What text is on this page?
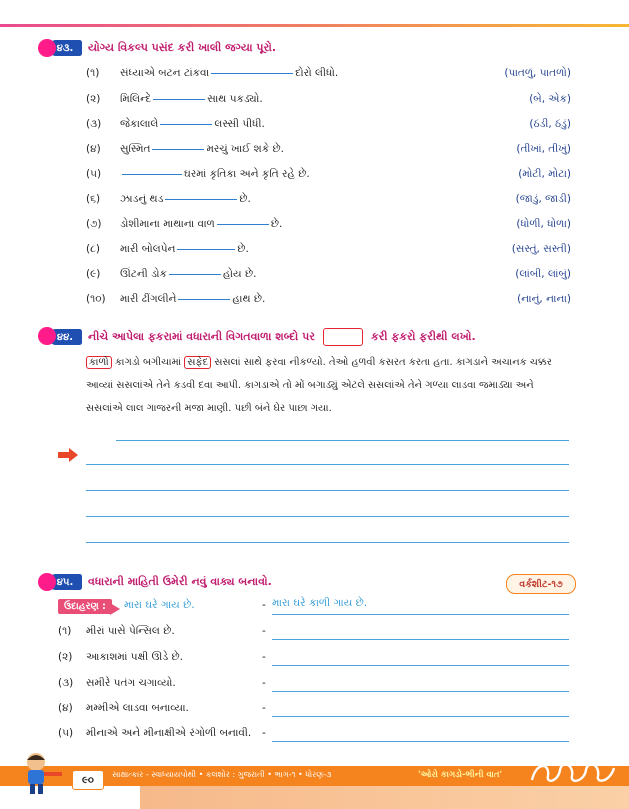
૪૩.	યોગ્ય વિકલ્પ પસંદ કરી ખાલી જગ્યા પૂરો.
(૧) સંધ્યાએ બટન ટાંકવા	દોરો લીધો.	(પાતળું, પાતળો)
(૨) મિલિન્દે	સાથ પકડ્યો.	(બે, એક)
(૩) જેકાલાલે	લસ્સી પીધી.	(ઠંડી, ઠંડું)
(૪) સુસ્મિત	મરચું ખાઈ શકે છે.	(તીખાં, તીખું)
(૫)	ઘરમાં કૃતિકા અને કૃતિ રહે છે.	(મોટી, મોટા)
(૬) ઝાડનું થડ	છે.	(જાડું, જાડી)
(૭) ડોશીમાના માથાના વાળ	છે.	(ધોળી, ધોળા)
(૮) મારી બોલપેન	છે.	(સસ્તું, સસ્તી)
(૯) ઊંટની ડોક	હોય છે.	(લાંબી, લાંબું)
(૧૦) મારી ઢીંગલીને	હાથ છે.	(નાનું, નાના)
૪૪.	નીચે આપેલા ફકરામાં વધારાની વિગતવાળા શબ્દો પર	કરી ફકરો ફરીથી લખો.
કાળો કાગડો બગીચામાં સફેદ સસલાં સાથે ફરવા નીકળ્યો. તેઓ હળવી કસરત કરતા હતા. કાગડાને અચાનક ચક્કર આવ્યાં સસલાંએ તેને કડવી દવા આપી. કાગડાએ તો મોં બગાડ્યું એટલે સસલાંએ તેને ગળ્યા લાડવા જમાડ્યા અને સસલાંએ લાલ ગાજરની મજા માણી. પછી બંને ઘેર પાછા ગયા.
૪૫.	વધારાની માહિતી ઉમેરી નવું વાક્ય બનાવો.	વર્કશીટ-૧૭
ઉદાહરણ :	મારા ઘરે ગાય છે.	- મારા ઘરે કાળી ગાય છે.
(૧) મીરાં પાસે પેન્સિલ છે.	-
(૨) આકાશમાં પક્ષી ઊડે છે.	-
(૩) સમીરે પતંગ ચગાવ્યો.	-
(૪) મમ્મીએ લાડવા બનાવ્યા.	-
(૫) મીનાએ અને મીનાક્ષીએ રંગોળી બનાવી. -
૯૦ સાક્ષાત્કાર - સ્વાધ્યાયપોથી • કલશોર : ગુજરાતી • ભાગ-૧ • ધોરણ-૩	'ઓરો કાગડો-ભીની વાત'
